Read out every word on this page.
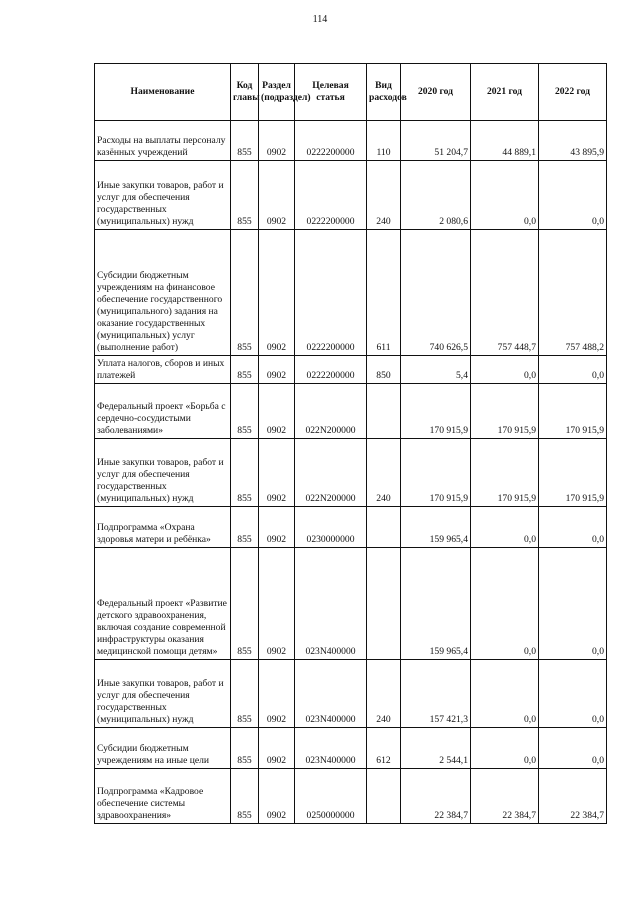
114
Наименование	Код главы	Раздел (подраздел)	Целевая статья	Вид расходов	2020 год	2021 год	2022 год
Расходы на выплаты персоналу казённых учреждений	855	0902	0222200000	110	51 204,7	44 889,1	43 895,9
Иные закупки товаров, работ и услуг для обеспечения государственных (муниципальных) нужд	855	0902	0222200000	240	2 080,6	0,0	0,0
Субсидии бюджетным учреждениям на финансовое обеспечение государственного (муниципального) задания на оказание государственных (муниципальных) услуг (выполнение работ)	855	0902	0222200000	611	740 626,5	757 448,7	757 488,2
Уплата налогов, сборов и иных платежей	855	0902	0222200000	850	5,4	0,0	0,0
Федеральный проект «Борьба с сердечно-сосудистыми заболеваниями»	855	0902	022N200000		170 915,9	170 915,9	170 915,9
Иные закупки товаров, работ и услуг для обеспечения государственных (муниципальных) нужд	855	0902	022N200000	240	170 915,9	170 915,9	170 915,9
Подпрограмма «Охрана здоровья матери и ребёнка»	855	0902	0230000000		159 965,4	0,0	0,0
Федеральный проект «Развитие детского здравоохранения, включая создание современной инфраструктуры оказания медицинской помощи детям»	855	0902	023N400000		159 965,4	0,0	0,0
Иные закупки товаров, работ и услуг для обеспечения государственных (муниципальных) нужд	855	0902	023N400000	240	157 421,3	0,0	0,0
Субсидии бюджетным учреждениям на иные цели	855	0902	023N400000	612	2 544,1	0,0	0,0
Подпрограмма «Кадровое обеспечение системы здравоохранения»	855	0902	0250000000		22 384,7	22 384,7	22 384,7
